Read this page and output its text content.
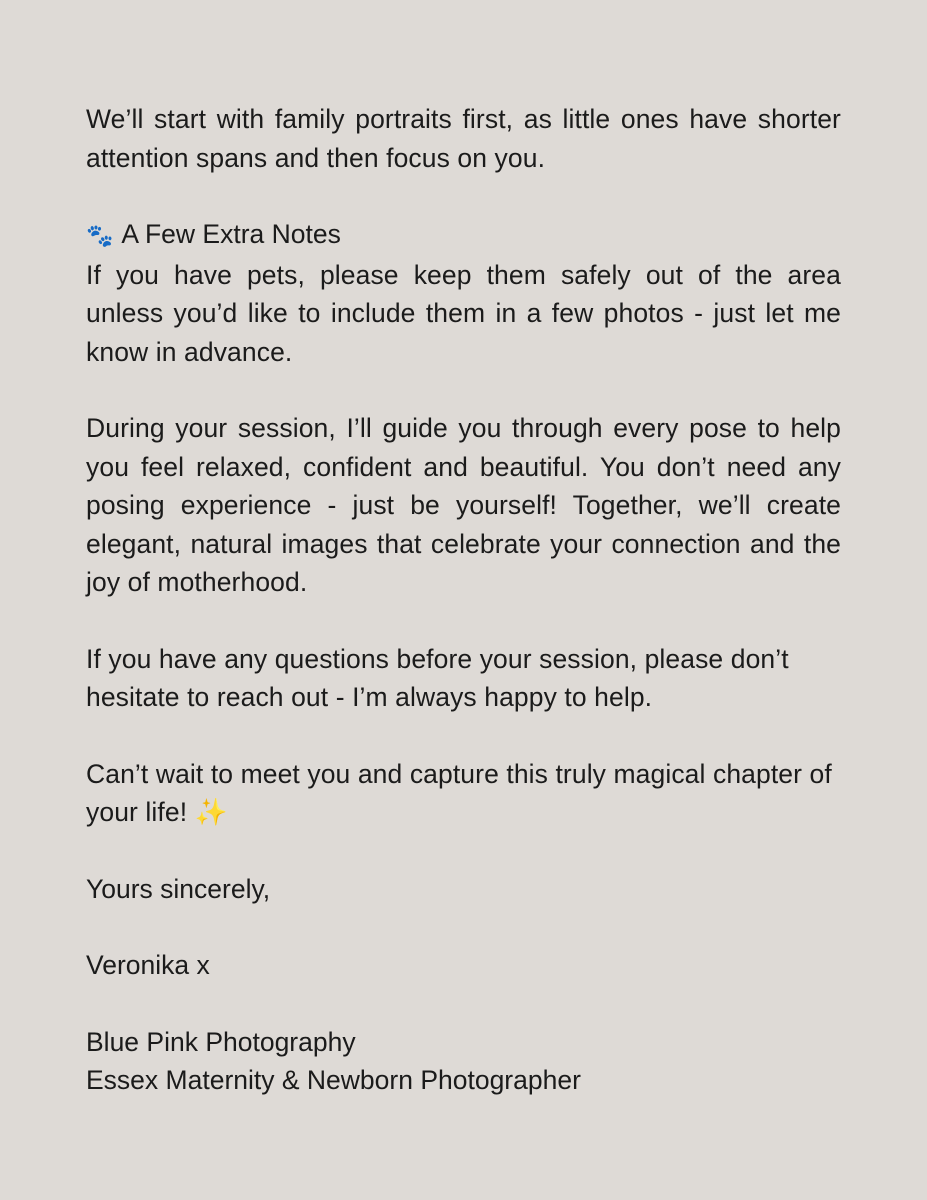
We’ll start with family portraits first, as little ones have shorter attention spans and then focus on you.

🐾 A Few Extra Notes

If you have pets, please keep them safely out of the area unless you’d like to include them in a few photos - just let me know in advance.

During your session, I’ll guide you through every pose to help you feel relaxed, confident and beautiful. You don’t need any posing experience - just be yourself! Together, we’ll create elegant, natural images that celebrate your connection and the joy of motherhood.

If you have any questions before your session, please don’t hesitate to reach out - I’m always happy to help.

Can’t wait to meet you and capture this truly magical chapter of your life! ✨

Yours sincerely,

Veronika x

Blue Pink Photography

Essex Maternity & Newborn Photographer
